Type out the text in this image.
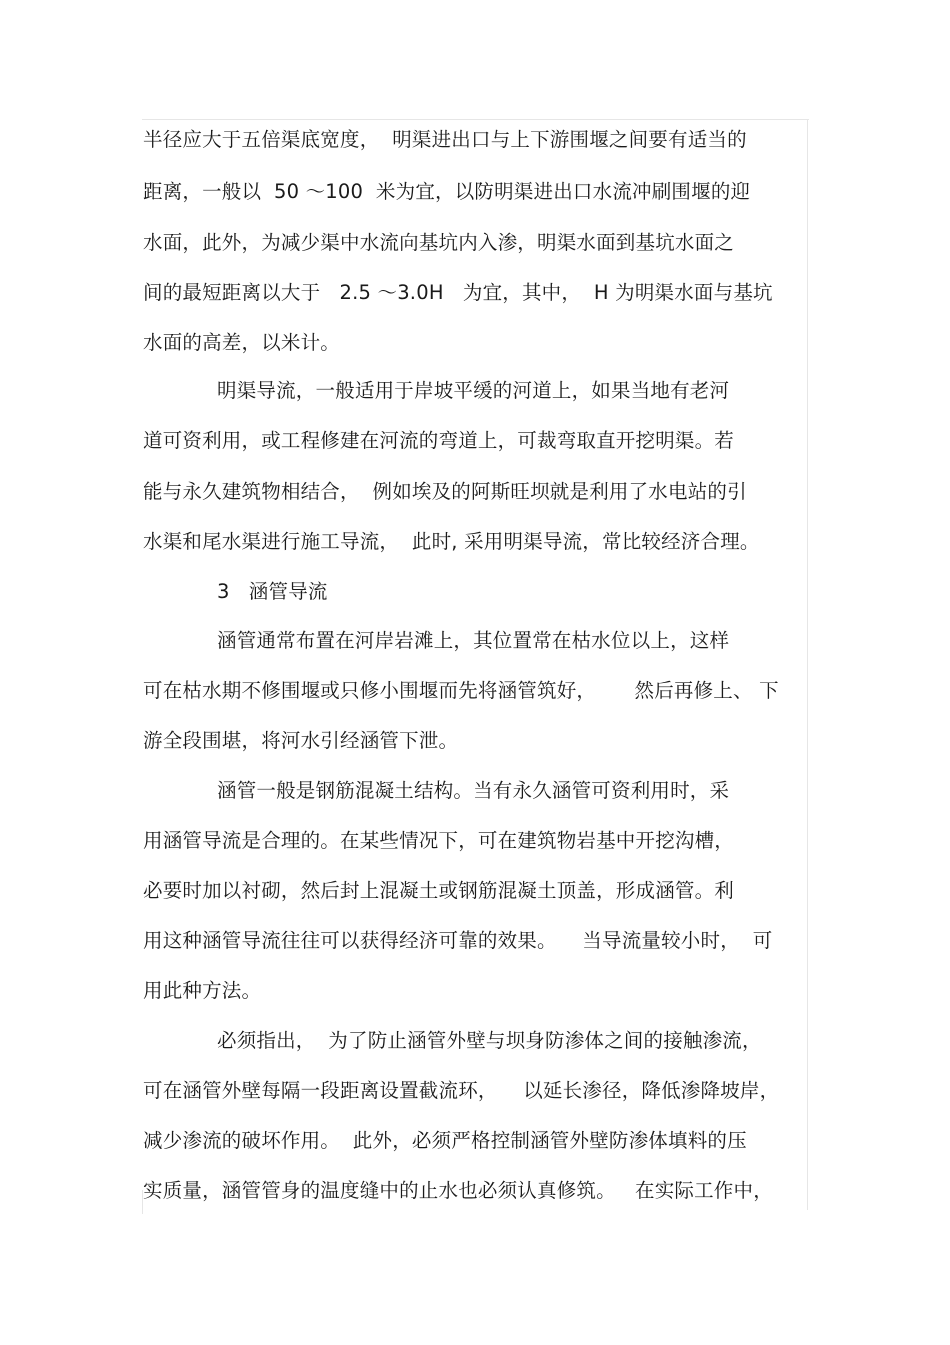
半径应大于五倍渠底宽度，  明渠进出口与上下游围堰之间要有适当的
距离，一般以  50 ～100  米为宜，以防明渠进出口水流冲刷围堰的迎
水面，此外，为减少渠中水流向基坑内入渗，明渠水面到基坑水面之
间的最短距离以大于   2.5 ～3.0H   为宜，其中，  H 为明渠水面与基坑
水面的高差，以米计。
明渠导流，一般适用于岸坡平缓的河道上，如果当地有老河
道可资利用，或工程修建在河流的弯道上，可裁弯取直开挖明渠。若
能与永久建筑物相结合，  例如埃及的阿斯旺坝就是利用了水电站的引
水渠和尾水渠进行施工导流，  此时, 采用明渠导流，常比较经济合理。
3   涵管导流
涵管通常布置在河岸岩滩上，其位置常在枯水位以上，这样
可在枯水期不修围堰或只修小围堰而先将涵管筑好，      然后再修上、 下
游全段围堪，将河水引经涵管下泄。
涵管一般是钢筋混凝土结构。当有永久涵管可资利用时，采
用涵管导流是合理的。在某些情况下，可在建筑物岩基中开挖沟槽，
必要时加以衬砌，然后封上混凝土或钢筋混凝土顶盖，形成涵管。利
用这种涵管导流往往可以获得经济可靠的效果。    当导流量较小时，  可
用此种方法。
必须指出，  为了防止涵管外壁与坝身防渗体之间的接触渗流，
可在涵管外壁每隔一段距离设置截流环，    以延长渗径，降低渗降坡岸，
减少渗流的破坏作用。  此外，必须严格控制涵管外壁防渗体填料的压
实质量，涵管管身的温度缝中的止水也必须认真修筑。   在实际工作中，
